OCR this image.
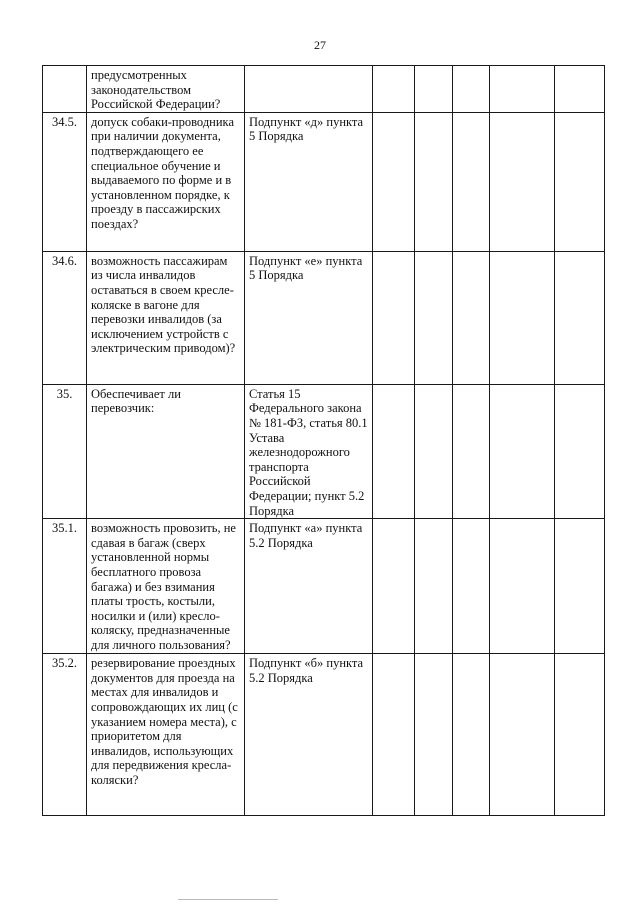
27
	предусмотренных законодательством Российской Федерации?						
34.5.	допуск собаки-проводника при наличии документа, подтверждающего ее специальное обучение и выдаваемого по форме и в установленном порядке, к проезду в пассажирских поездах?	Подпункт «д» пункта 5 Порядка					
34.6.	возможность пассажирам из числа инвалидов оставаться в своем кресле-коляске в вагоне для перевозки инвалидов (за исключением устройств с электрическим приводом)?	Подпункт «е» пункта 5 Порядка					
35.	Обеспечивает ли перевозчик:	Статья 15 Федерального закона № 181-ФЗ, статья 80.1 Устава железнодорожного транспорта Российской Федерации; пункт 5.2 Порядка					
35.1.	возможность провозить, не сдавая в багаж (сверх установленной нормы бесплатного провоза багажа) и без взимания платы трость, костыли, носилки и (или) кресло-коляску, предназначенные для личного пользования?	Подпункт «а» пункта 5.2 Порядка					
35.2.	резервирование проездных документов для проезда на местах для инвалидов и сопровождающих их лиц (с указанием номера места), с приоритетом для инвалидов, использующих для передвижения кресла-коляски?	Подпункт «б» пункта 5.2 Порядка					
